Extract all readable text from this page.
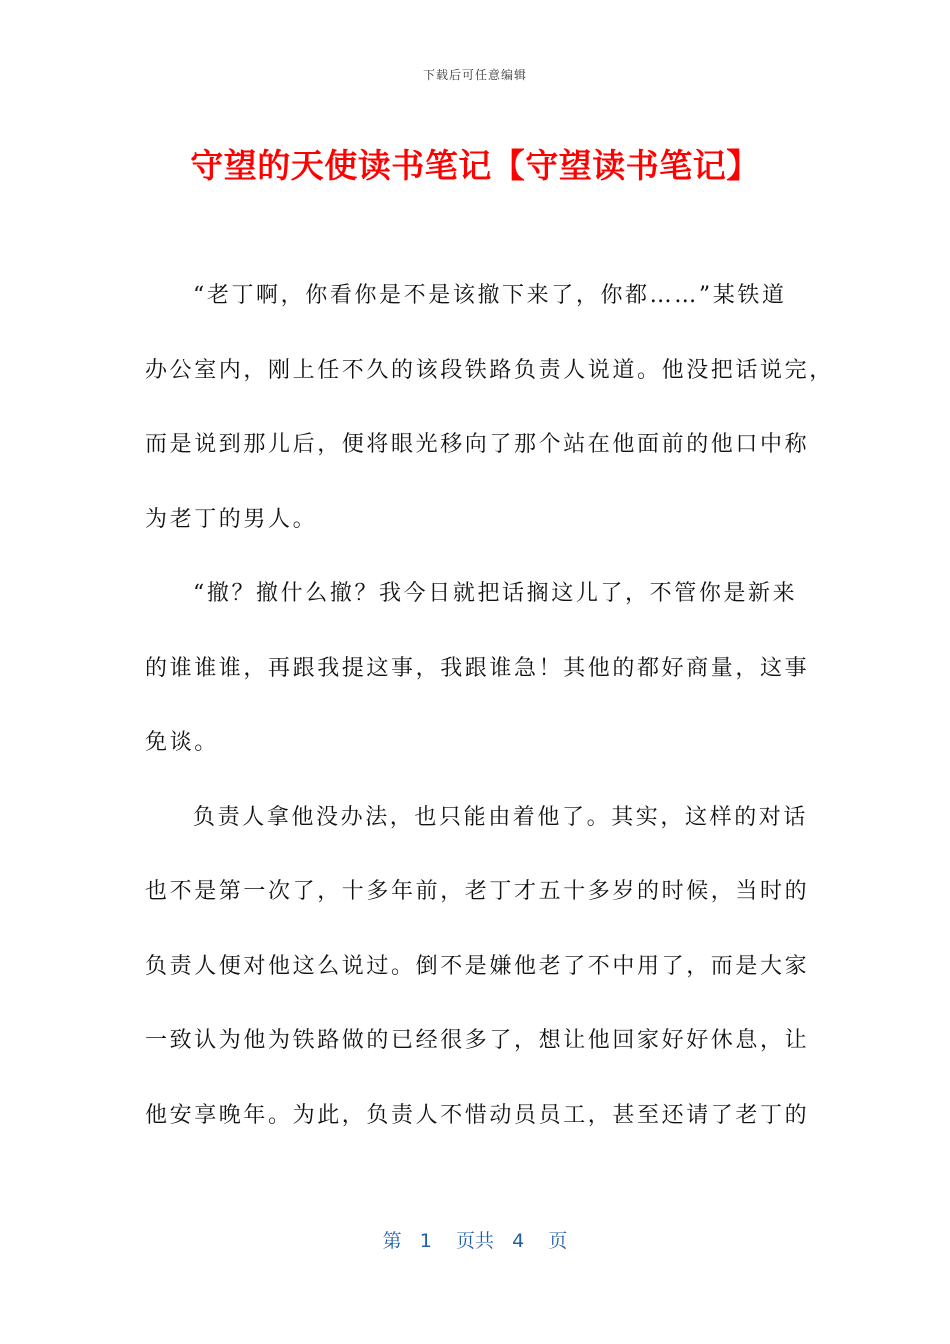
下载后可任意编辑
守望的天使读书笔记【守望读书笔记】
“老丁啊，你看你是不是该撤下来了，你都……”某铁道
办公室内，刚上任不久的该段铁路负责人说道。他没把话说完，
而是说到那儿后，便将眼光移向了那个站在他面前的他口中称
为老丁的男人。
“撤？撤什么撤？我今日就把话搁这儿了，不管你是新来
的谁谁谁，再跟我提这事，我跟谁急！其他的都好商量，这事
免谈。
负责人拿他没办法，也只能由着他了。其实，这样的对话
也不是第一次了，十多年前，老丁才五十多岁的时候，当时的
负责人便对他这么说过。倒不是嫌他老了不中用了，而是大家
一致认为他为铁路做的已经很多了，想让他回家好好休息，让
他安享晚年。为此，负责人不惜动员员工，甚至还请了老丁的
第 1 页共 4 页
